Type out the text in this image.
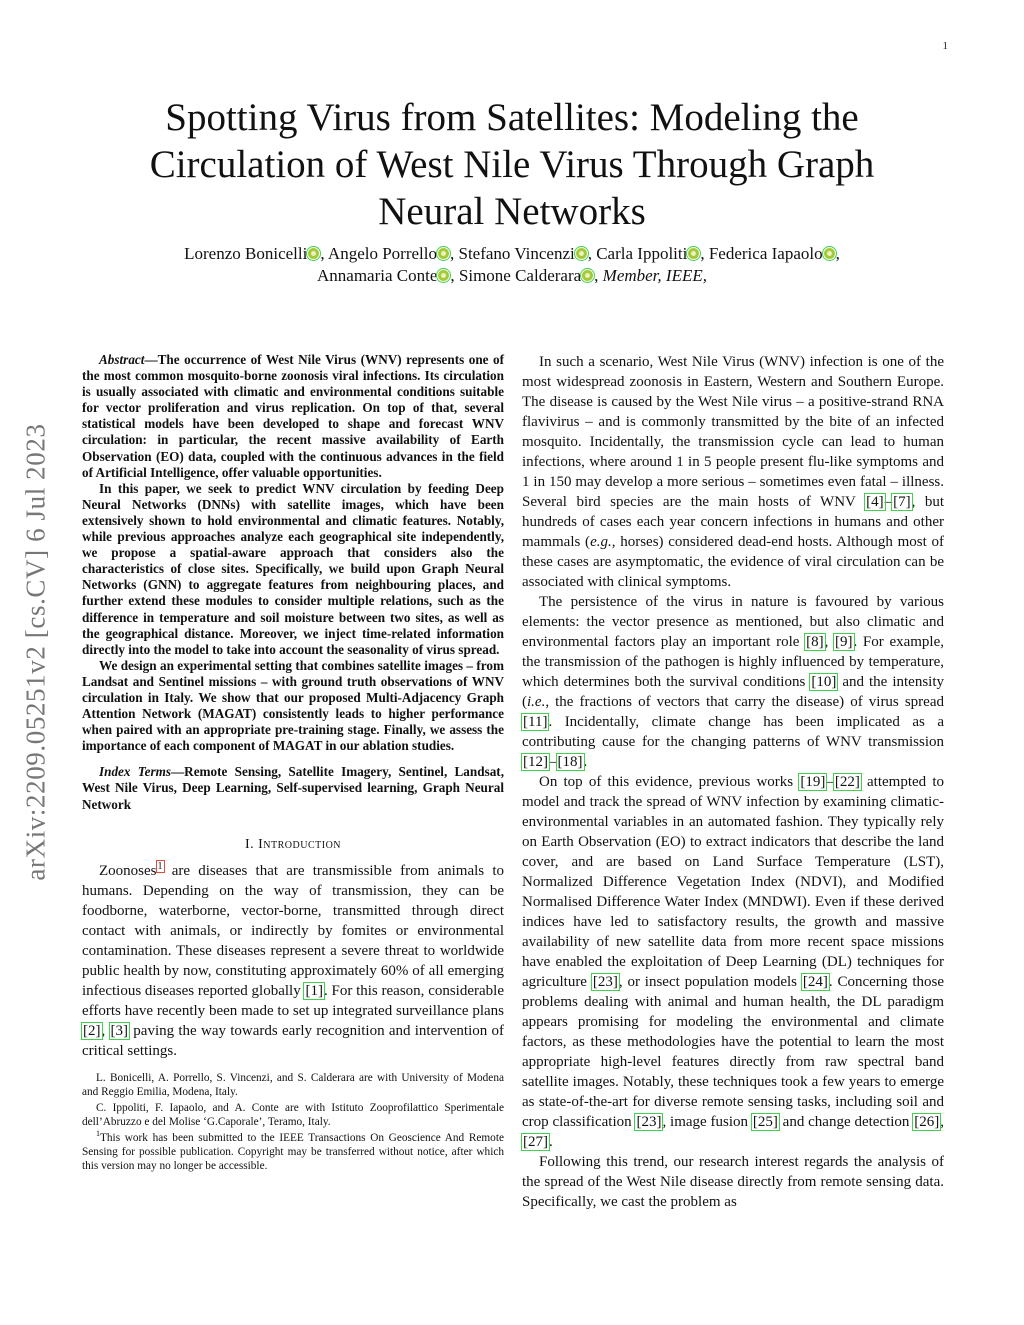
1
arXiv:2209.05251v2 [cs.CV] 6 Jul 2023
Spotting Virus from Satellites: Modeling the Circulation of West Nile Virus Through Graph Neural Networks
Lorenzo Bonicelli , Angelo Porrello , Stefano Vincenzi , Carla Ippoliti , Federica Iapaolo ,
Annamaria Conte , Simone Calderara , Member, IEEE,

Abstract—The occurrence of West Nile Virus (WNV) represents one of the most common mosquito-borne zoonosis viral infections. Its circulation is usually associated with climatic and environmental conditions suitable for vector proliferation and virus replication. On top of that, several statistical models have been developed to shape and forecast WNV circulation: in particular, the recent massive availability of Earth Observation (EO) data, coupled with the continuous advances in the field of Artificial Intelligence, offer valuable opportunities.

In this paper, we seek to predict WNV circulation by feeding Deep Neural Networks (DNNs) with satellite images, which have been extensively shown to hold environmental and climatic features. Notably, while previous approaches analyze each geographical site independently, we propose a spatial-aware approach that considers also the characteristics of close sites. Specifically, we build upon Graph Neural Networks (GNN) to aggregate features from neighbouring places, and further extend these modules to consider multiple relations, such as the difference in temperature and soil moisture between two sites, as well as the geographical distance. Moreover, we inject time-related information directly into the model to take into account the seasonality of virus spread.

We design an experimental setting that combines satellite images – from Landsat and Sentinel missions – with ground truth observations of WNV circulation in Italy. We show that our proposed Multi-Adjacency Graph Attention Network (MAGAT) consistently leads to higher performance when paired with an appropriate pre-training stage. Finally, we assess the importance of each component of MAGAT in our ablation studies.

Index Terms—Remote Sensing, Satellite Imagery, Sentinel, Landsat, West Nile Virus, Deep Learning, Self-supervised learning, Graph Neural Network

I. Introduction

Zoonoses$^1$ are diseases that are transmissible from animals to humans. Depending on the way of transmission, they can be foodborne, waterborne, vector-borne, transmitted through direct contact with animals, or indirectly by fomites or environmental contamination. These diseases represent a severe threat to worldwide public health by now, constituting approximately 60% of all emerging infectious diseases reported globally [1]. For this reason, considerable efforts have recently been made to set up integrated surveillance plans [2], [3] paving the way towards early recognition and intervention of critical settings.

L. Bonicelli, A. Porrello, S. Vincenzi, and S. Calderara are with University of Modena and Reggio Emilia, Modena, Italy.

C. Ippoliti, F. Iapaolo, and A. Conte are with Istituto Zooprofilattico Sperimentale dell’Abruzzo e del Molise ‘G.Caporale’, Teramo, Italy.

$^1$This work has been submitted to the IEEE Transactions On Geoscience And Remote Sensing for possible publication. Copyright may be transferred without notice, after which this version may no longer be accessible.

In such a scenario, West Nile Virus (WNV) infection is one of the most widespread zoonosis in Eastern, Western and Southern Europe. The disease is caused by the West Nile virus – a positive-strand RNA flavivirus – and is commonly transmitted by the bite of an infected mosquito. Incidentally, the transmission cycle can lead to human infections, where around 1 in 5 people present flu-like symptoms and 1 in 150 may develop a more serious – sometimes even fatal – illness. Several bird species are the main hosts of WNV [4]–[7], but hundreds of cases each year concern infections in humans and other mammals (e.g., horses) considered dead-end hosts. Although most of these cases are asymptomatic, the evidence of viral circulation can be associated with clinical symptoms.

The persistence of the virus in nature is favoured by various elements: the vector presence as mentioned, but also climatic and environmental factors play an important role [8], [9]. For example, the transmission of the pathogen is highly influenced by temperature, which determines both the survival conditions [10] and the intensity (i.e., the fractions of vectors that carry the disease) of virus spread [11]. Incidentally, climate change has been implicated as a contributing cause for the changing patterns of WNV transmission [12]–[18].

On top of this evidence, previous works [19]–[22] attempted to model and track the spread of WNV infection by examining climatic-environmental variables in an automated fashion. They typically rely on Earth Observation (EO) to extract indicators that describe the land cover, and are based on Land Surface Temperature (LST), Normalized Difference Vegetation Index (NDVI), and Modified Normalised Difference Water Index (MNDWI). Even if these derived indices have led to satisfactory results, the growth and massive availability of new satellite data from more recent space missions have enabled the exploitation of Deep Learning (DL) techniques for agriculture [23], or insect population models [24]. Concerning those problems dealing with animal and human health, the DL paradigm appears promising for modeling the environmental and climate factors, as these methodologies have the potential to learn the most appropriate high-level features directly from raw spectral band satellite images. Notably, these techniques took a few years to emerge as state-of-the-art for diverse remote sensing tasks, including soil and crop classification [23], image fusion [25] and change detection [26], [27].

Following this trend, our research interest regards the analysis of the spread of the West Nile disease directly from remote sensing data. Specifically, we cast the problem as
